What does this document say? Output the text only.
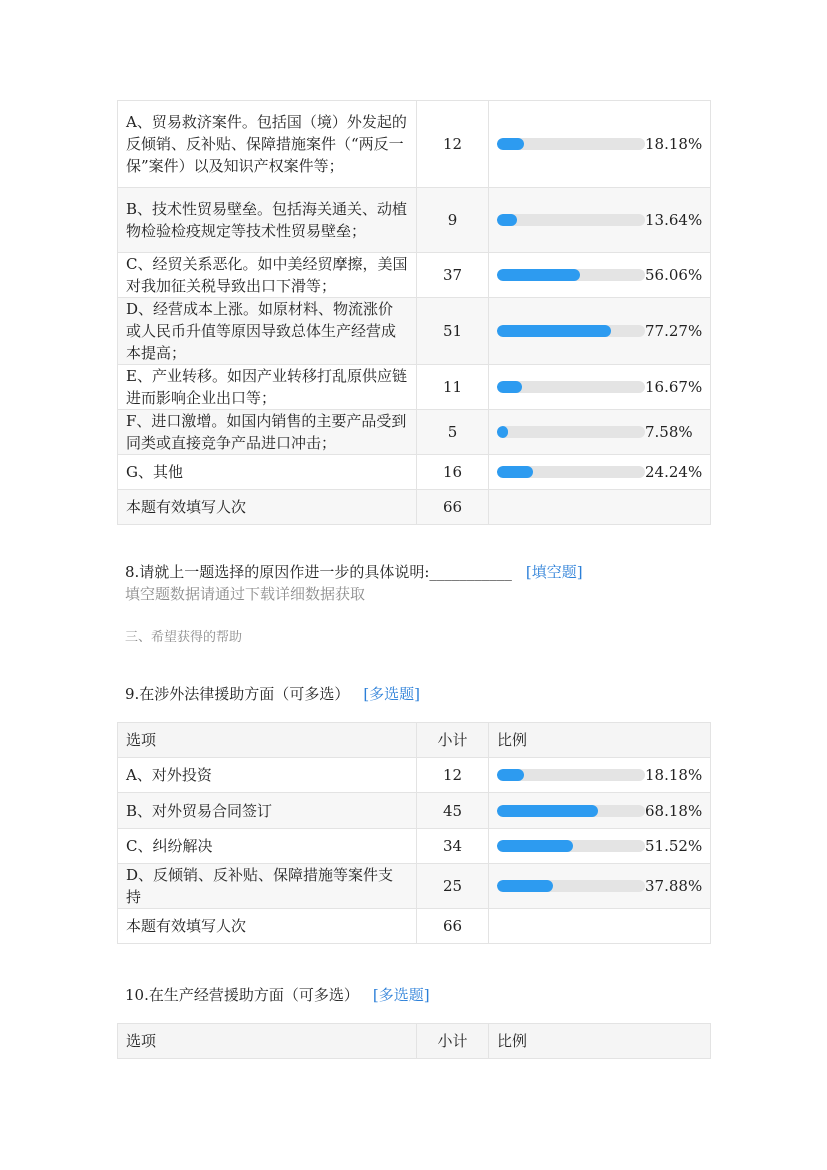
A、贸易救济案件。包括国（境）外发起的反倾销、反补贴、保障措施案件（“两反一保”案件）以及知识产权案件等；	12	18.18%

B、技术性贸易壁垒。包括海关通关、动植物检验检疫规定等技术性贸易壁垒；	9	13.64%

C、经贸关系恶化。如中美经贸摩擦，美国对我加征关税导致出口下滑等；	37	56.06%

D、经营成本上涨。如原材料、物流涨价或人民币升值等原因导致总体生产经营成本提高；	51	77.27%

E、产业转移。如因产业转移打乱原供应链进而影响企业出口等；	11	16.67%

F、进口激增。如国内销售的主要产品受到同类或直接竞争产品进口冲击；	5	7.58%

G、其他	16	24.24%

本题有效填写人次	66	
8.请就上一题选择的原因作进一步的具体说明:___________ [填空题]
填空题数据请通过下载详细数据获取
三、希望获得的帮助
9.在涉外法律援助方面（可多选） [多选题]
选项	小计	比例
A、对外投资	12	18.18%

B、对外贸易合同签订	45	68.18%

C、纠纷解决	34	51.52%

D、反倾销、反补贴、保障措施等案件支持	25	37.88%

本题有效填写人次	66	
10.在生产经营援助方面（可多选） [多选题]
选项	小计	比例
